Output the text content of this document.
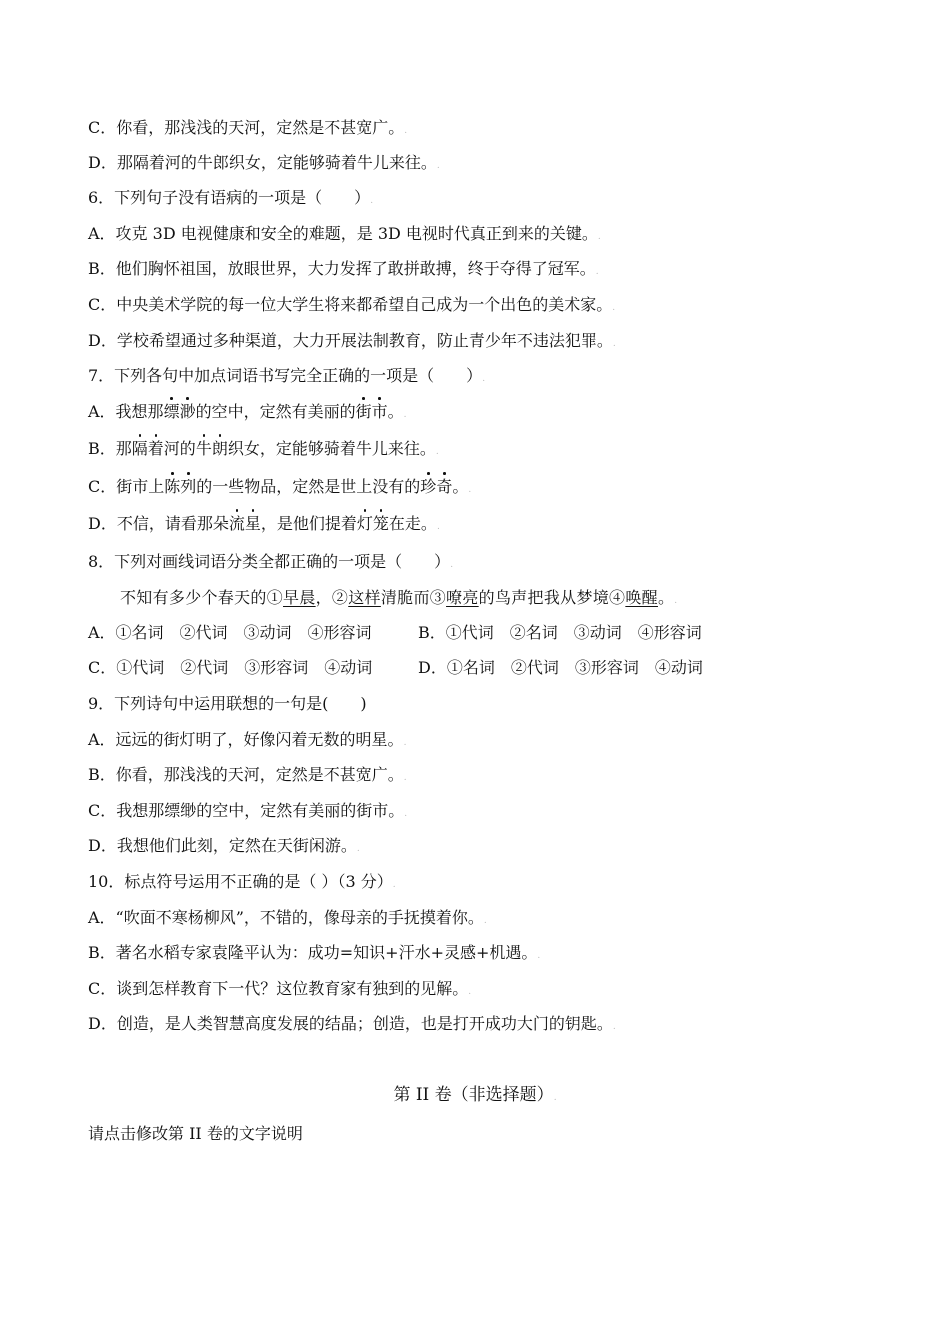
C．你看，那浅浅的天河，定然是不甚宽广。.
D．那隔着河的牛郎织女，定能够骑着牛儿来往。.
6．下列句子没有语病的一项是（　　）.
A．攻克 3D 电视健康和安全的难题，是 3D 电视时代真正到来的关键。.
B．他们胸怀祖国，放眼世界，大力发挥了敢拼敢搏，终于夺得了冠军。.
C．中央美术学院的每一位大学生将来都希望自己成为一个出色的美术家。.
D．学校希望通过多种渠道，大力开展法制教育，防止青少年不违法犯罪。.
7．下列各句中加点词语书写完全正确的一项是（　　）.
A．我想那缥渺的空中，定然有美丽的街市。.
B．那隔着河的牛朗织女，定能够骑着牛儿来往。.
C．街市上陈列的一些物品，定然是世上没有的珍奇。.
D．不信，请看那朵流星，是他们提着灯笼在走。.
8．下列对画线词语分类全都正确的一项是（　　）.
不知有多少个春天的①早晨，②这样清脆而③嘹亮的鸟声把我从梦境④唤醒。.
A．①名词　②代词　③动词　④形容词	B．①代词　②名词　③动词　④形容词
C．①代词　②代词　③形容词　④动词	D．①名词　②代词　③形容词　④动词
9．下列诗句中运用联想的一句是(　　)
A．远远的街灯明了，好像闪着无数的明星。.
B．你看，那浅浅的天河，定然是不甚宽广。.
C．我想那缥缈的空中，定然有美丽的街市。.
D．我想他们此刻，定然在天街闲游。.
10．标点符号运用不正确的是（ ）（3 分）.
A．“吹面不寒杨柳风”，不错的，像母亲的手抚摸着你。.
B．著名水稻专家袁隆平认为：成功=知识+汗水+灵感+机遇。.
C．谈到怎样教育下一代？这位教育家有独到的见解。.
D．创造，是人类智慧高度发展的结晶；创造，也是打开成功大门的钥匙。.
第 II 卷（非选择题）.
请点击修改第 II 卷的文字说明
